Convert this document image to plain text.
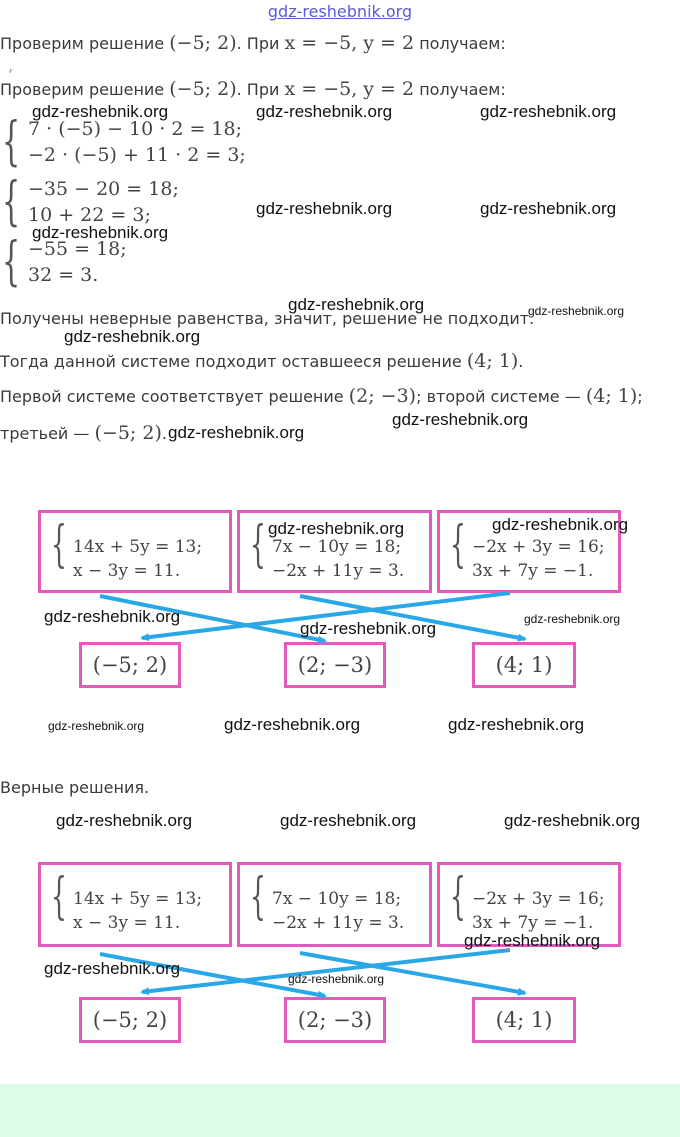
gdz-reshebnik.org
Проверим решение (−5; 2). При x = −5, y = 2 получаем:
,
Проверим решение (−5; 2). При x = −5, y = 2 получаем:
{ 7 · (−5) − 10 · 2 = 18;
−2 · (−5) + 11 · 2 = 3;
{ −35 − 20 = 18;
10 + 22 = 3;
{ −55 = 18;
32 = 3.
Получены неверные равенства, значит, решение не подходит.
Тогда данной системе подходит оставшееся решение (4; 1).
Первой системе соответствует решение (2; −3); второй системе — (4; 1);
третьей — (−5; 2).
{ 14x + 5y = 13;
x − 3y = 11. { 7x − 10y = 18;
−2x + 11y = 3. { −2x + 3y = 16;
3x + 7y = −1.
(−5; 2)	(2; −3)	(4; 1)
Верные решения.
{ 14x + 5y = 13;
x − 3y = 11. { 7x − 10y = 18;
−2x + 11y = 3. { −2x + 3y = 16;
3x + 7y = −1.
(−5; 2)	(2; −3)	(4; 1)
gdz-reshebnik.org	gdz-reshebnik.org	gdz-reshebnik.org
gdz-reshebnik.org	gdz-reshebnik.org
gdz-reshebnik.org
gdz-reshebnik.org	gdz-reshebnik.org
gdz-reshebnik.org
gdz-reshebnik.org
gdz-reshebnik.org
gdz-reshebnik.org	gdz-reshebnik.org
gdz-reshebnik.org	gdz-reshebnik.org
gdz-reshebnik.org
gdz-reshebnik.org	gdz-reshebnik.org	gdz-reshebnik.org
gdz-reshebnik.org	gdz-reshebnik.org	gdz-reshebnik.org
gdz-reshebnik.org
gdz-reshebnik.org
gdz-reshebnik.org
